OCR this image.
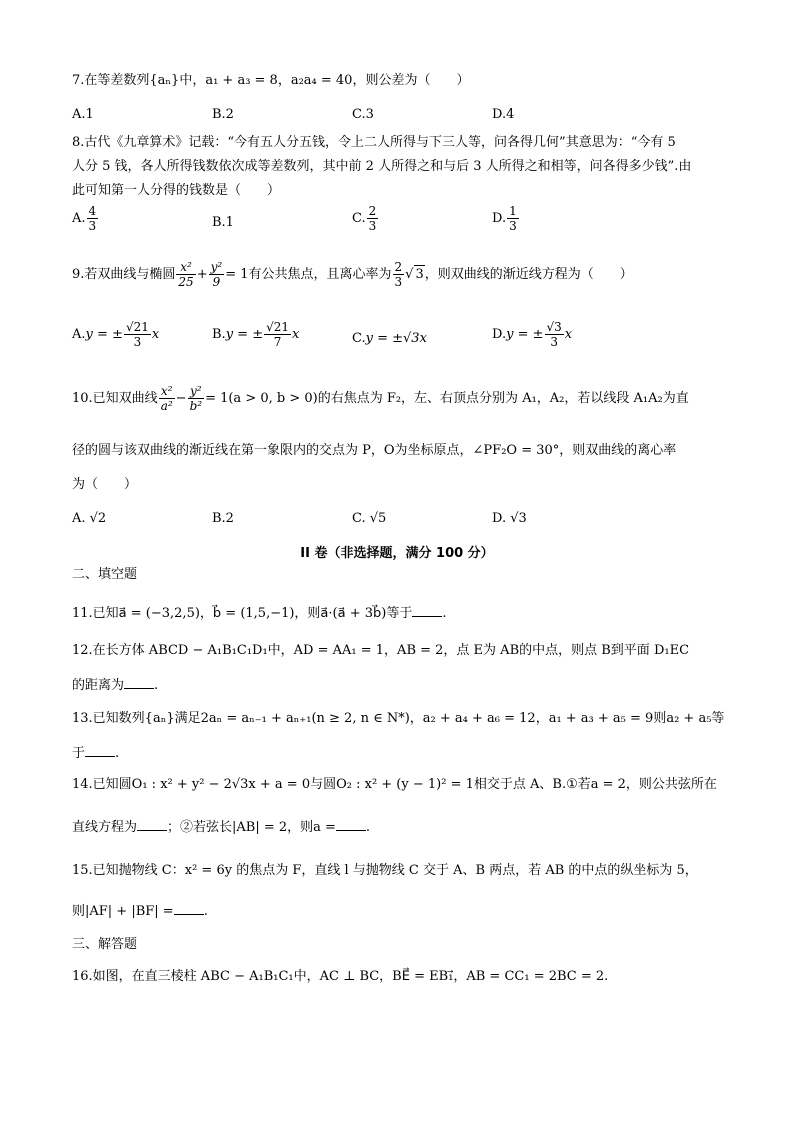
7.在等差数列{aₙ}中，a₁ + a₃ = 8，a₂a₄ = 40，则公差为（　　）
A.1	B.2	C.3	D.4
8.古代《九章算术》记载：“今有五人分五钱，令上二人所得与下三人等，问各得几何”其意思为：“今有 5
人分 5 钱，各人所得钱数依次成等差数列，其中前 2 人所得之和与后 3 人所得之和相等，问各得多少钱”.由
此可知第一人分得的钱数是（　　）
A. $\frac{4}{3}$	B.1	C. $\frac{2}{3}$	D. $\frac{1}{3}$
9.若双曲线与椭圆 $\frac{\text{x²}}{25} + \frac{\text{y²}}{9} = 1$有公共焦点，且离心率为 $\frac{2}{3}$ √ 3，则双曲线的渐近线方程为（　　）
A.y = ± $\frac{√21}{3}$ x	B.y = ± $\frac{√21}{7}$ x	C.y = ±√3x	D.y = ± $\frac{√3}{3}$ x
10.已知双曲线 $\frac{\text{x²}}{\text{a²}} - \frac{\text{y²}}{\text{b²}} = 1(a > 0$, b > 0)的右焦点为 F₂，左、右顶点分别为 A₁，A₂，若以线段 A₁A₂为直
径的圆与该双曲线的渐近线在第一象限内的交点为 P，O为坐标原点，∠PF₂O = 30°，则双曲线的离心率
为（　　）
A. √2	B.2	C. √5	D. √3
II 卷（非选择题，满分 100 分）
二、填空题
11.已知a⃗ = (−3,2,5)，b⃗ = (1,5,−1)，则a⃗·(a⃗ + 3b⃗)等于 .
12.在长方体 ABCD − A₁B₁C₁D₁中，AD = AA₁ = 1，AB = 2，点 E为 AB的中点，则点 B到平面 D₁EC
的距离为 .
13.已知数列{aₙ}满足2aₙ = aₙ₋₁ + aₙ₊₁(n ≥ 2, n ∈ N*)，a₂ + a₄ + a₆ = 12，a₁ + a₃ + a₅ = 9则a₂ + a₅等
于 .
14.已知圆O₁ : x² + y² − 2√3x + a = 0与圆O₂ : x² + (y − 1)² = 1相交于点 A、B.①若a = 2，则公共弦所在
直线方程为 ；②若弦长|AB| = 2，则a = .
15.已知抛物线 C：x² = 6y 的焦点为 F，直线 l 与抛物线 C 交于 A、B 两点，若 AB 的中点的纵坐标为 5，
则|AF| + |BF| = .
三、解答题
16.如图，在直三棱柱 ABC − A₁B₁C₁中，AC ⊥ BC，BE⃗ = EB₁⃗，AB = CC₁ = 2BC = 2.
